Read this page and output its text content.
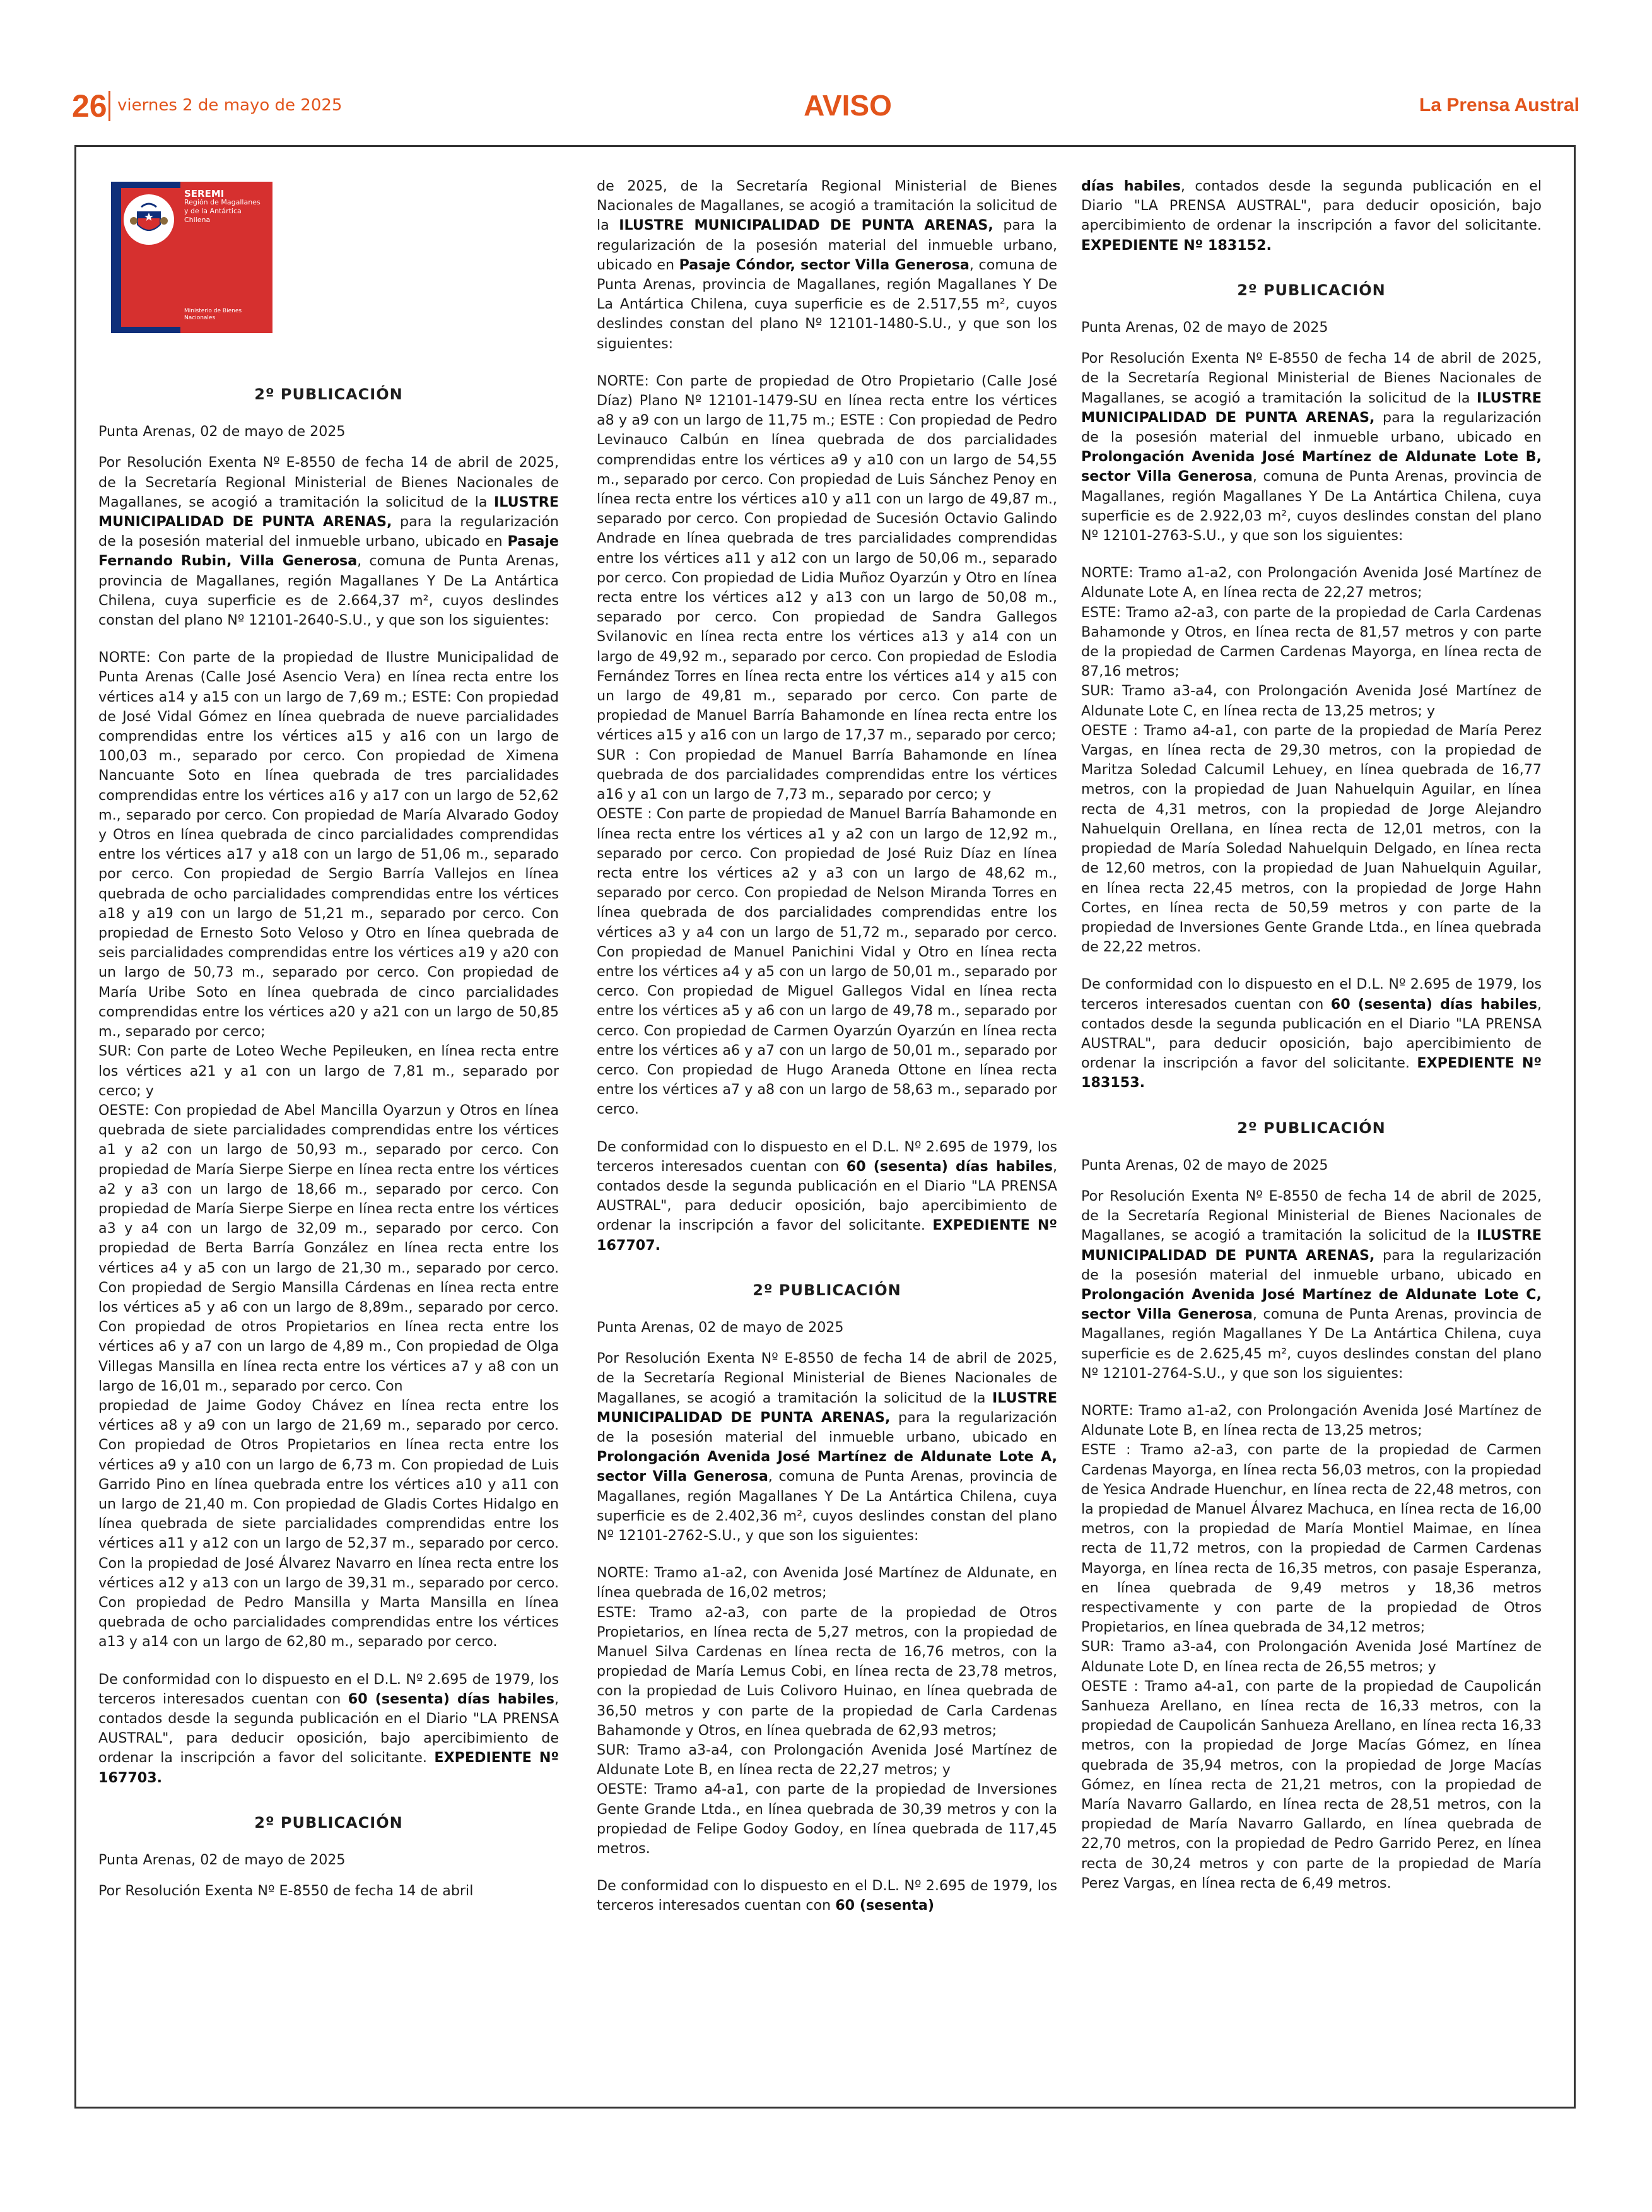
26 viernes 2 de mayo de 2025	AVISO	La Prensa Austral
SEREMI
Región de Magallanes y de la Antártica Chilena
Ministerio de Bienes Nacionales

2º PUBLICACIÓN

Punta Arenas, 02 de mayo de 2025

Por Resolución Exenta Nº E-8550 de fecha 14 de abril de 2025, de la Secretaría Regional Ministerial de Bienes Nacionales de Magallanes, se acogió a tramitación la solicitud de la ILUSTRE MUNICIPALIDAD DE PUNTA ARENAS, para la regularización de la posesión material del inmueble urbano, ubicado en Pasaje Fernando Rubin, Villa Generosa, comuna de Punta Arenas, provincia de Magallanes, región Magallanes Y De La Antártica Chilena, cuya superficie es de 2.664,37 m², cuyos deslindes constan del plano Nº 12101-2640-S.U., y que son los siguientes:

NORTE: Con parte de la propiedad de Ilustre Municipalidad de Punta Arenas (Calle José Asencio Vera) en línea recta entre los vértices a14 y a15 con un largo de 7,69 m.; ESTE: Con propiedad de José Vidal Gómez en línea quebrada de nueve parcialidades comprendidas entre los vértices a15 y a16 con un largo de 100,03 m., separado por cerco. Con propiedad de Ximena Nancuante Soto en línea quebrada de tres parcialidades comprendidas entre los vértices a16 y a17 con un largo de 52,62 m., separado por cerco. Con propiedad de María Alvarado Godoy y Otros en línea quebrada de cinco parcialidades comprendidas entre los vértices a17 y a18 con un largo de 51,06 m., separado por cerco. Con propiedad de Sergio Barría Vallejos en línea quebrada de ocho parcialidades comprendidas entre los vértices a18 y a19 con un largo de 51,21 m., separado por cerco. Con propiedad de Ernesto Soto Veloso y Otro en línea quebrada de seis parcialidades comprendidas entre los vértices a19 y a20 con un largo de 50,73 m., separado por cerco. Con propiedad de María Uribe Soto en línea quebrada de cinco parcialidades comprendidas entre los vértices a20 y a21 con un largo de 50,85 m., separado por cerco;
SUR: Con parte de Loteo Weche Pepileuken, en línea recta entre los vértices a21 y a1 con un largo de 7,81 m., separado por cerco; y
OESTE: Con propiedad de Abel Mancilla Oyarzun y Otros en línea quebrada de siete parcialidades comprendidas entre los vértices a1 y a2 con un largo de 50,93 m., separado por cerco. Con propiedad de María Sierpe Sierpe en línea recta entre los vértices a2 y a3 con un largo de 18,66 m., separado por cerco. Con propiedad de María Sierpe Sierpe en línea recta entre los vértices a3 y a4 con un largo de 32,09 m., separado por cerco. Con propiedad de Berta Barría González en línea recta entre los vértices a4 y a5 con un largo de 21,30 m., separado por cerco. Con propiedad de Sergio Mansilla Cárdenas en línea recta entre los vértices a5 y a6 con un largo de 8,89m., separado por cerco. Con propiedad de otros Propietarios en línea recta entre los vértices a6 y a7 con un largo de 4,89 m., Con propiedad de Olga Villegas Mansilla en línea recta entre los vértices a7 y a8 con un largo de 16,01 m., separado por cerco. Con
propiedad de Jaime Godoy Chávez en línea recta entre los vértices a8 y a9 con un largo de 21,69 m., separado por cerco. Con propiedad de Otros Propietarios en línea recta entre los vértices a9 y a10 con un largo de 6,73 m. Con propiedad de Luis Garrido Pino en línea quebrada entre los vértices a10 y a11 con un largo de 21,40 m. Con propiedad de Gladis Cortes Hidalgo en línea quebrada de siete parcialidades comprendidas entre los vértices a11 y a12 con un largo de 52,37 m., separado por cerco. Con la propiedad de José Álvarez Navarro en línea recta entre los vértices a12 y a13 con un largo de 39,31 m., separado por cerco. Con propiedad de Pedro Mansilla y Marta Mansilla en línea quebrada de ocho parcialidades comprendidas entre los vértices a13 y a14 con un largo de 62,80 m., separado por cerco.

De conformidad con lo dispuesto en el D.L. Nº 2.695 de 1979, los terceros interesados cuentan con 60 (sesenta) días habiles, contados desde la segunda publicación en el Diario "LA PRENSA AUSTRAL", para deducir oposición, bajo apercibimiento de ordenar la inscripción a favor del solicitante. EXPEDIENTE Nº 167703.

2º PUBLICACIÓN

Punta Arenas, 02 de mayo de 2025

Por Resolución Exenta Nº E-8550 de fecha 14 de abril

de 2025, de la Secretaría Regional Ministerial de Bienes Nacionales de Magallanes, se acogió a tramitación la solicitud de la ILUSTRE MUNICIPALIDAD DE PUNTA ARENAS, para la regularización de la posesión material del inmueble urbano, ubicado en Pasaje Cóndor, sector Villa Generosa, comuna de Punta Arenas, provincia de Magallanes, región Magallanes Y De La Antártica Chilena, cuya superficie es de 2.517,55 m², cuyos deslindes constan del plano Nº 12101-1480-S.U., y que son los siguientes:

NORTE: Con parte de propiedad de Otro Propietario (Calle José Díaz) Plano Nº 12101-1479-SU en línea recta entre los vértices a8 y a9 con un largo de 11,75 m.; ESTE : Con propiedad de Pedro Levinauco Calbún en línea quebrada de dos parcialidades comprendidas entre los vértices a9 y a10 con un largo de 54,55 m., separado por cerco. Con propiedad de Luis Sánchez Penoy en línea recta entre los vértices a10 y a11 con un largo de 49,87 m., separado por cerco. Con propiedad de Sucesión Octavio Galindo Andrade en línea quebrada de tres parcialidades comprendidas entre los vértices a11 y a12 con un largo de 50,06 m., separado por cerco. Con propiedad de Lidia Muñoz Oyarzún y Otro en línea recta entre los vértices a12 y a13 con un largo de 50,08 m., separado por cerco. Con propiedad de Sandra Gallegos Svilanovic en línea recta entre los vértices a13 y a14 con un largo de 49,92 m., separado por cerco. Con propiedad de Eslodia Fernández Torres en línea recta entre los vértices a14 y a15 con un largo de 49,81 m., separado por cerco. Con parte de propiedad de Manuel Barría Bahamonde en línea recta entre los vértices a15 y a16 con un largo de 17,37 m., separado por cerco;
SUR : Con propiedad de Manuel Barría Bahamonde en línea quebrada de dos parcialidades comprendidas entre los vértices a16 y a1 con un largo de 7,73 m., separado por cerco; y
OESTE : Con parte de propiedad de Manuel Barría Bahamonde en línea recta entre los vértices a1 y a2 con un largo de 12,92 m., separado por cerco. Con propiedad de José Ruiz Díaz en línea recta entre los vértices a2 y a3 con un largo de 48,62 m., separado por cerco. Con propiedad de Nelson Miranda Torres en línea quebrada de dos parcialidades comprendidas entre los vértices a3 y a4 con un largo de 51,72 m., separado por cerco. Con propiedad de Manuel Panichini Vidal y Otro en línea recta entre los vértices a4 y a5 con un largo de 50,01 m., separado por cerco. Con propiedad de Miguel Gallegos Vidal en línea recta entre los vértices a5 y a6 con un largo de 49,78 m., separado por cerco. Con propiedad de Carmen Oyarzún Oyarzún en línea recta entre los vértices a6 y a7 con un largo de 50,01 m., separado por cerco. Con propiedad de Hugo Araneda Ottone en línea recta entre los vértices a7 y a8 con un largo de 58,63 m., separado por cerco.

De conformidad con lo dispuesto en el D.L. Nº 2.695 de 1979, los terceros interesados cuentan con 60 (sesenta) días habiles, contados desde la segunda publicación en el Diario "LA PRENSA AUSTRAL", para deducir oposición, bajo apercibimiento de ordenar la inscripción a favor del solicitante. EXPEDIENTE Nº 167707.

2º PUBLICACIÓN

Punta Arenas, 02 de mayo de 2025

Por Resolución Exenta Nº E-8550 de fecha 14 de abril de 2025, de la Secretaría Regional Ministerial de Bienes Nacionales de Magallanes, se acogió a tramitación la solicitud de la ILUSTRE MUNICIPALIDAD DE PUNTA ARENAS, para la regularización de la posesión material del inmueble urbano, ubicado en Prolongación Avenida José Martínez de Aldunate Lote A, sector Villa Generosa, comuna de Punta Arenas, provincia de Magallanes, región Magallanes Y De La Antártica Chilena, cuya superficie es de 2.402,36 m², cuyos deslindes constan del plano Nº 12101-2762-S.U., y que son los siguientes:

NORTE: Tramo a1-a2, con Avenida José Martínez de Aldunate, en línea quebrada de 16,02 metros;
ESTE: Tramo a2-a3, con parte de la propiedad de Otros Propietarios, en línea recta de 5,27 metros, con la propiedad de Manuel Silva Cardenas en línea recta de 16,76 metros, con la propiedad de María Lemus Cobi, en línea recta de 23,78 metros, con la propiedad de Luis Colivoro Huinao, en línea quebrada de 36,50 metros y con parte de la propiedad de Carla Cardenas Bahamonde y Otros, en línea quebrada de 62,93 metros;
SUR: Tramo a3-a4, con Prolongación Avenida José Martínez de Aldunate Lote B, en línea recta de 22,27 metros; y
OESTE: Tramo a4-a1, con parte de la propiedad de Inversiones Gente Grande Ltda., en línea quebrada de 30,39 metros y con la propiedad de Felipe Godoy Godoy, en línea quebrada de 117,45 metros.

De conformidad con lo dispuesto en el D.L. Nº 2.695 de 1979, los terceros interesados cuentan con 60 (sesenta)

días habiles, contados desde la segunda publicación en el Diario "LA PRENSA AUSTRAL", para deducir oposición, bajo apercibimiento de ordenar la inscripción a favor del solicitante. EXPEDIENTE Nº 183152.

2º PUBLICACIÓN

Punta Arenas, 02 de mayo de 2025

Por Resolución Exenta Nº E-8550 de fecha 14 de abril de 2025, de la Secretaría Regional Ministerial de Bienes Nacionales de Magallanes, se acogió a tramitación la solicitud de la ILUSTRE MUNICIPALIDAD DE PUNTA ARENAS, para la regularización de la posesión material del inmueble urbano, ubicado en Prolongación Avenida José Martínez de Aldunate Lote B, sector Villa Generosa, comuna de Punta Arenas, provincia de Magallanes, región Magallanes Y De La Antártica Chilena, cuya superficie es de 2.922,03 m², cuyos deslindes constan del plano Nº 12101-2763-S.U., y que son los siguientes:

NORTE: Tramo a1-a2, con Prolongación Avenida José Martínez de Aldunate Lote A, en línea recta de 22,27 metros;
ESTE: Tramo a2-a3, con parte de la propiedad de Carla Cardenas Bahamonde y Otros, en línea recta de 81,57 metros y con parte de la propiedad de Carmen Cardenas Mayorga, en línea recta de 87,16 metros;
SUR: Tramo a3-a4, con Prolongación Avenida José Martínez de Aldunate Lote C, en línea recta de 13,25 metros; y
OESTE : Tramo a4-a1, con parte de la propiedad de María Perez Vargas, en línea recta de 29,30 metros, con la propiedad de Maritza Soledad Calcumil Lehuey, en línea quebrada de 16,77 metros, con la propiedad de Juan Nahuelquin Aguilar, en línea recta de 4,31 metros, con la propiedad de Jorge Alejandro Nahuelquin Orellana, en línea recta de 12,01 metros, con la propiedad de María Soledad Nahuelquin Delgado, en línea recta de 12,60 metros, con la propiedad de Juan Nahuelquin Aguilar, en línea recta 22,45 metros, con la propiedad de Jorge Hahn Cortes, en línea recta de 50,59 metros y con parte de la propiedad de Inversiones Gente Grande Ltda., en línea quebrada de 22,22 metros.

De conformidad con lo dispuesto en el D.L. Nº 2.695 de 1979, los terceros interesados cuentan con 60 (sesenta) días habiles, contados desde la segunda publicación en el Diario "LA PRENSA AUSTRAL", para deducir oposición, bajo apercibimiento de ordenar la inscripción a favor del solicitante. EXPEDIENTE Nº 183153.

2º PUBLICACIÓN

Punta Arenas, 02 de mayo de 2025

Por Resolución Exenta Nº E-8550 de fecha 14 de abril de 2025, de la Secretaría Regional Ministerial de Bienes Nacionales de Magallanes, se acogió a tramitación la solicitud de la ILUSTRE MUNICIPALIDAD DE PUNTA ARENAS, para la regularización de la posesión material del inmueble urbano, ubicado en Prolongación Avenida José Martínez de Aldunate Lote C, sector Villa Generosa, comuna de Punta Arenas, provincia de Magallanes, región Magallanes Y De La Antártica Chilena, cuya superficie es de 2.625,45 m², cuyos deslindes constan del plano Nº 12101-2764-S.U., y que son los siguientes:

NORTE: Tramo a1-a2, con Prolongación Avenida José Martínez de Aldunate Lote B, en línea recta de 13,25 metros;
ESTE : Tramo a2-a3, con parte de la propiedad de Carmen Cardenas Mayorga, en línea recta 56,03 metros, con la propiedad de Yesica Andrade Huenchur, en línea recta de 22,48 metros, con la propiedad de Manuel Álvarez Machuca, en línea recta de 16,00 metros, con la propiedad de María Montiel Maimae, en línea recta de 11,72 metros, con la propiedad de Carmen Cardenas Mayorga, en línea recta de 16,35 metros, con pasaje Esperanza, en línea quebrada de 9,49 metros y 18,36 metros respectivamente y con parte de la propiedad de Otros Propietarios, en línea quebrada de 34,12 metros;
SUR: Tramo a3-a4, con Prolongación Avenida José Martínez de Aldunate Lote D, en línea recta de 26,55 metros; y
OESTE : Tramo a4-a1, con parte de la propiedad de Caupolicán Sanhueza Arellano, en línea recta de 16,33 metros, con la propiedad de Caupolicán Sanhueza Arellano, en línea recta 16,33 metros, con la propiedad de Jorge Macías Gómez, en línea quebrada de 35,94 metros, con la propiedad de Jorge Macías Gómez, en línea recta de 21,21 metros, con la propiedad de María Navarro Gallardo, en línea recta de 28,51 metros, con la propiedad de María Navarro Gallardo, en línea quebrada de 22,70 metros, con la propiedad de Pedro Garrido Perez, en línea recta de 30,24 metros y con parte de la propiedad de María Perez Vargas, en línea recta de 6,49 metros.
